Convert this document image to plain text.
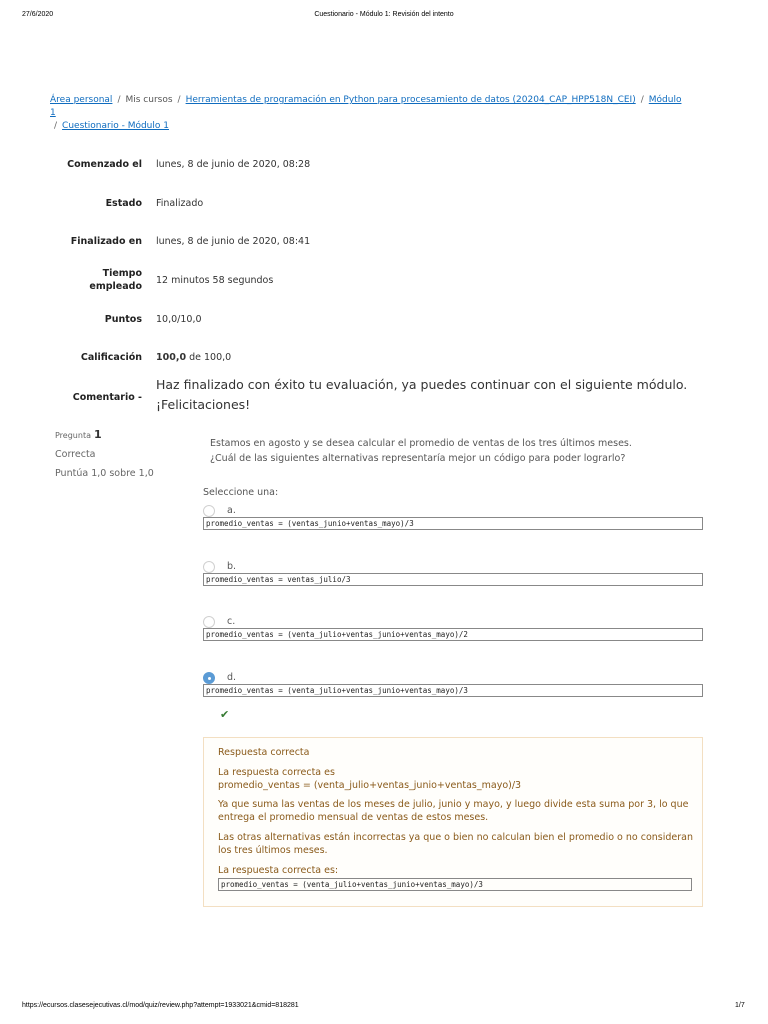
27/6/2020	Cuestionario - Módulo 1: Revisión del intento
Área personal / Mis cursos / Herramientas de programación en Python para procesamiento de datos (20204_CAP_HPP518N_CEI) / Módulo 1
/ Cuestionario - Módulo 1
Comenzado el lunes, 8 de junio de 2020, 08:28
Estado Finalizado
Finalizado en lunes, 8 de junio de 2020, 08:41
Tiempo empleado
12 minutos 58 segundos
Puntos 10,0/10,0
Calificación 100,0 de 100,0
Comentario -
Haz finalizado con éxito tu evaluación, ya puedes continuar con el siguiente módulo.
¡Felicitaciones!
Pregunta 1
Correcta
Puntúa 1,0 sobre 1,0
Estamos en agosto y se desea calcular el promedio de ventas de los tres últimos meses.
¿Cuál de las siguientes alternativas representaría mejor un código para poder lograrlo?
Seleccione una:
a.
promedio_ventas = (ventas_junio+ventas_mayo)/3
b.
promedio_ventas = ventas_julio/3
c.
promedio_ventas = (venta_julio+ventas_junio+ventas_mayo)/2
d.
promedio_ventas = (venta_julio+ventas_junio+ventas_mayo)/3
✔
Respuesta correcta
La respuesta correcta es
promedio_ventas = (venta_julio+ventas_junio+ventas_mayo)/3
Ya que suma las ventas de los meses de julio, junio y mayo, y luego divide esta suma por 3, lo que entrega el promedio mensual de ventas de estos meses.
Las otras alternativas están incorrectas ya que o bien no calculan bien el promedio o no consideran los tres últimos meses.
La respuesta correcta es:
promedio_ventas = (venta_julio+ventas_junio+ventas_mayo)/3
https://ecursos.clasesejecutivas.cl/mod/quiz/review.php?attempt=1933021&cmid=818281	1/7
